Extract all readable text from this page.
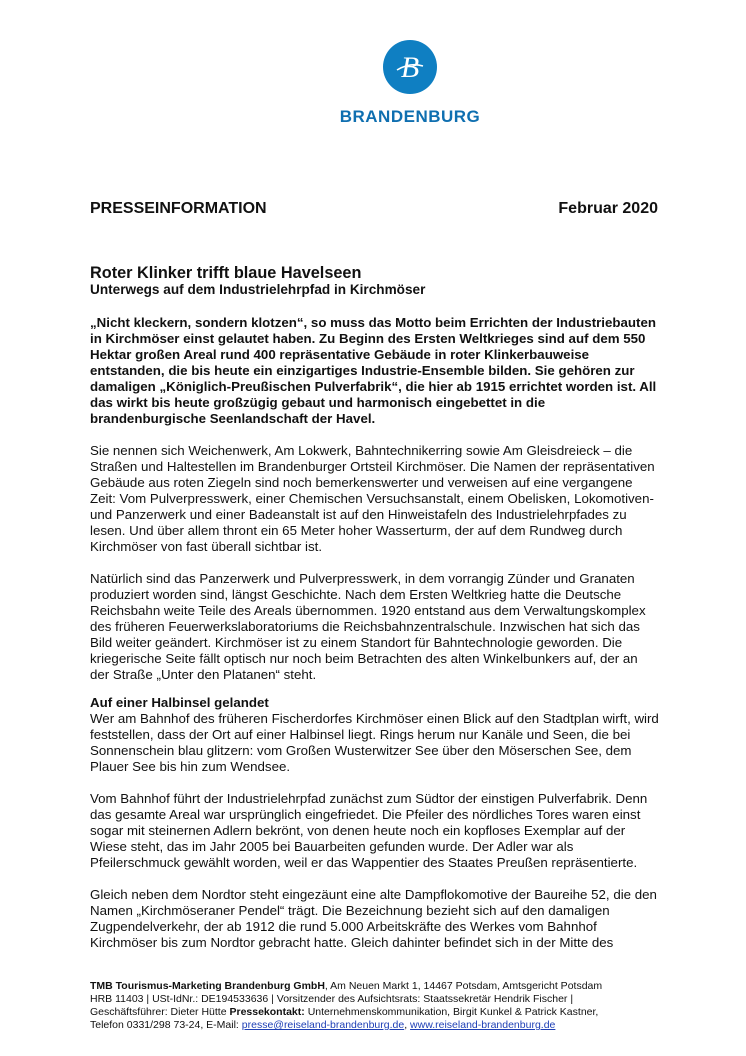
B
BRANDENBURG
PRESSEINFORMATION	Februar 2020
Roter Klinker trifft blaue Havelseen
Unterwegs auf dem Industrielehrpfad in Kirchmöser

„Nicht kleckern, sondern klotzen“, so muss das Motto beim Errichten der Industriebauten in Kirchmöser einst gelautet haben. Zu Beginn des Ersten Weltkrieges sind auf dem 550 Hektar großen Areal rund 400 repräsentative Gebäude in roter Klinkerbauweise entstanden, die bis heute ein einzigartiges Industrie-Ensemble bilden. Sie gehören zur damaligen „Königlich-Preußischen Pulverfabrik“, die hier ab 1915 errichtet worden ist. All das wirkt bis heute großzügig gebaut und harmonisch eingebettet in die brandenburgische Seenlandschaft der Havel.

Sie nennen sich Weichenwerk, Am Lokwerk, Bahntechnikerring sowie Am Gleisdreieck – die Straßen und Haltestellen im Brandenburger Ortsteil Kirchmöser. Die Namen der repräsentativen Gebäude aus roten Ziegeln sind noch bemerkenswerter und verweisen auf eine vergangene Zeit: Vom Pulverpresswerk, einer Chemischen Versuchsanstalt, einem Obelisken, Lokomotiven- und Panzerwerk und einer Badeanstalt ist auf den Hinweistafeln des Industrielehrpfades zu lesen. Und über allem thront ein 65 Meter hoher Wasserturm, der auf dem Rundweg durch Kirchmöser von fast überall sichtbar ist.

Natürlich sind das Panzerwerk und Pulverpresswerk, in dem vorrangig Zünder und Granaten produziert worden sind, längst Geschichte. Nach dem Ersten Weltkrieg hatte die Deutsche Reichsbahn weite Teile des Areals übernommen. 1920 entstand aus dem Verwaltungskomplex des früheren Feuerwerkslaboratoriums die Reichsbahnzentralschule. Inzwischen hat sich das Bild weiter geändert. Kirchmöser ist zu einem Standort für Bahntechnologie geworden. Die kriegerische Seite fällt optisch nur noch beim Betrachten des alten Winkelbunkers auf, der an der Straße „Unter den Platanen“ steht.

Auf einer Halbinsel gelandet

Wer am Bahnhof des früheren Fischerdorfes Kirchmöser einen Blick auf den Stadtplan wirft, wird feststellen, dass der Ort auf einer Halbinsel liegt. Rings herum nur Kanäle und Seen, die bei Sonnenschein blau glitzern: vom Großen Wusterwitzer See über den Möserschen See, dem Plauer See bis hin zum Wendsee.

Vom Bahnhof führt der Industrielehrpfad zunächst zum Südtor der einstigen Pulverfabrik. Denn das gesamte Areal war ursprünglich eingefriedet. Die Pfeiler des nördliches Tores waren einst sogar mit steinernen Adlern bekrönt, von denen heute noch ein kopfloses Exemplar auf der Wiese steht, das im Jahr 2005 bei Bauarbeiten gefunden wurde. Der Adler war als Pfeilerschmuck gewählt worden, weil er das Wappentier des Staates Preußen repräsentierte.

Gleich neben dem Nordtor steht eingezäunt eine alte Dampflokomotive der Baureihe 52, die den Namen „Kirchmöseraner Pendel“ trägt. Die Bezeichnung bezieht sich auf den damaligen Zugpendelverkehr, der ab 1912 die rund 5.000 Arbeitskräfte des Werkes vom Bahnhof Kirchmöser bis zum Nordtor gebracht hatte. Gleich dahinter befindet sich in der Mitte des

TMB Tourismus-Marketing Brandenburg GmbH, Am Neuen Markt 1, 14467 Potsdam, Amtsgericht Potsdam
HRB 11403 | USt-IdNr.: DE194533636 | Vorsitzender des Aufsichtsrats: Staatssekretär Hendrik Fischer |
Geschäftsführer: Dieter Hütte Pressekontakt: Unternehmenskommunikation, Birgit Kunkel & Patrick Kastner,
Telefon 0331/298 73-24, E-Mail: presse@reiseland-brandenburg.de, www.reiseland-brandenburg.de
